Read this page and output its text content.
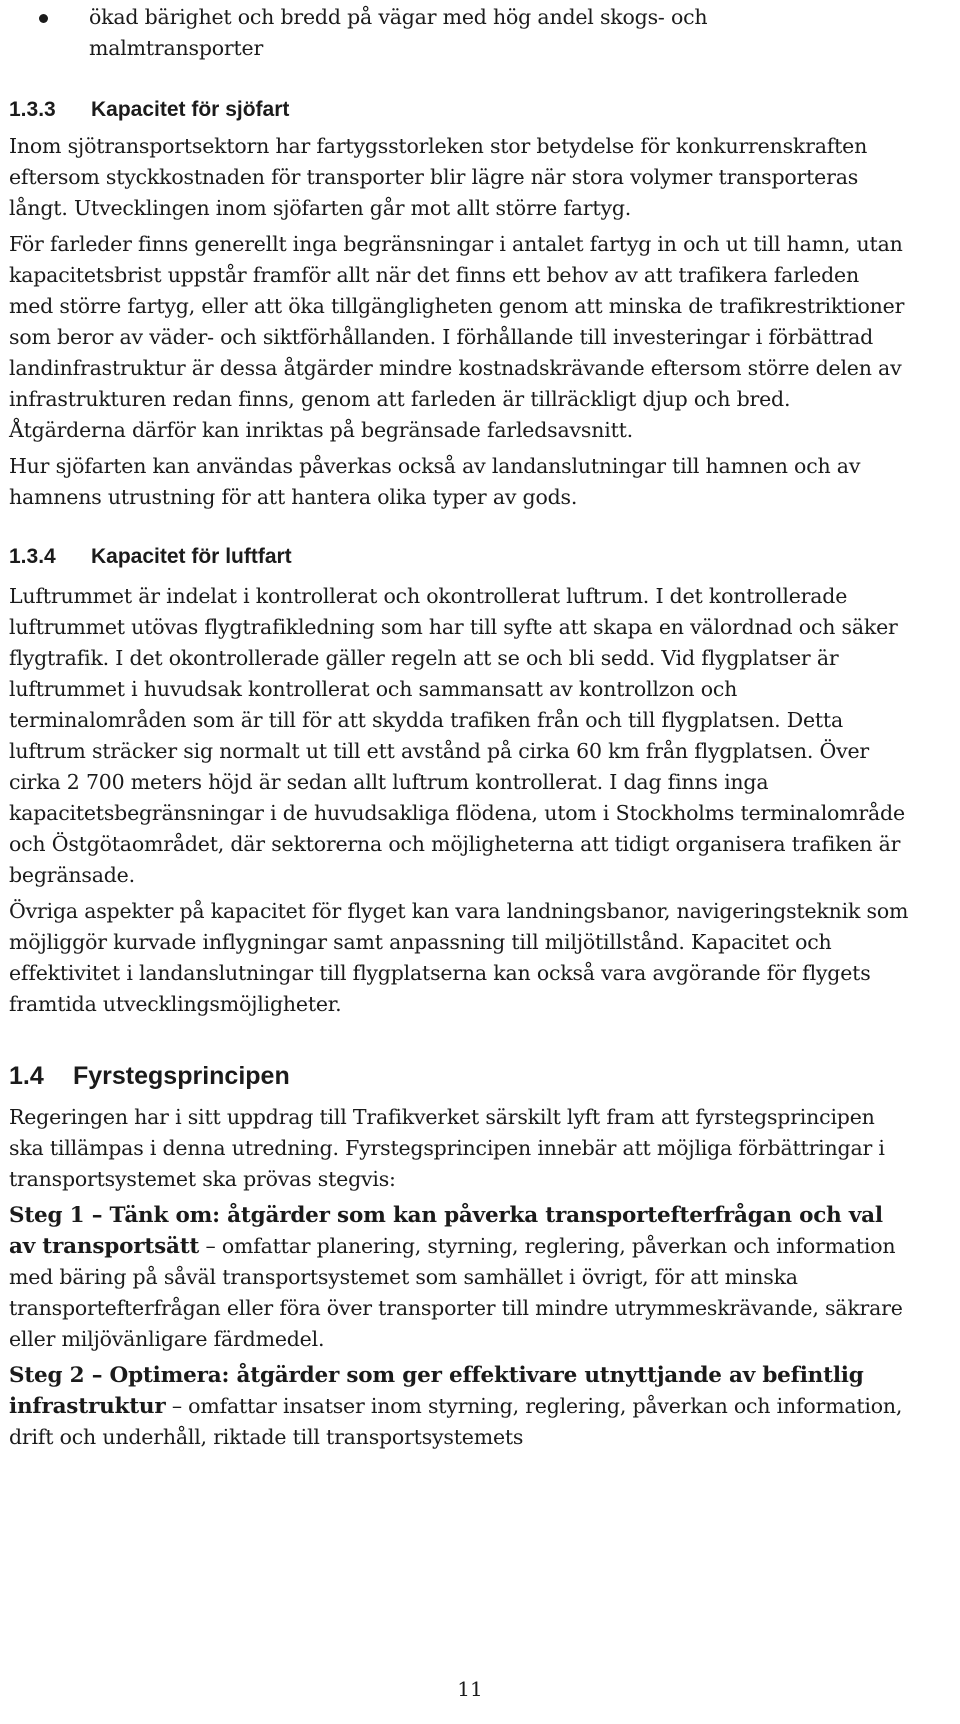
ökad bärighet och bredd på vägar med hög andel skogs- och
malmtransporter
1.3.3 Kapacitet för sjöfart

Inom sjötransportsektorn har fartygsstorleken stor betydelse för konkurrenskraften eftersom styckkostnaden för transporter blir lägre när stora volymer transporteras långt. Utvecklingen inom sjöfarten går mot allt större fartyg.

För farleder finns generellt inga begränsningar i antalet fartyg in och ut till hamn, utan kapacitetsbrist uppstår framför allt när det finns ett behov av att trafikera farleden med större fartyg, eller att öka tillgängligheten genom att minska de trafikrestriktioner som beror av väder- och siktförhållanden. I förhållande till investeringar i förbättrad landinfrastruktur är dessa åtgärder mindre kostnadskrävande eftersom större delen av infrastrukturen redan finns, genom att farleden är tillräckligt djup och bred. Åtgärderna därför kan inriktas på begränsade farledsavsnitt.

Hur sjöfarten kan användas påverkas också av landanslutningar till hamnen och av hamnens utrustning för att hantera olika typer av gods.

1.3.4 Kapacitet för luftfart

Luftrummet är indelat i kontrollerat och okontrollerat luftrum. I det kontrollerade luftrummet utövas flygtrafikledning som har till syfte att skapa en välordnad och säker flygtrafik. I det okontrollerade gäller regeln att se och bli sedd. Vid flygplatser är luftrummet i huvudsak kontrollerat och sammansatt av kontrollzon och terminalområden som är till för att skydda trafiken från och till flygplatsen. Detta luftrum sträcker sig normalt ut till ett avstånd på cirka 60 km från flygplatsen. Över cirka 2 700 meters höjd är sedan allt luftrum kontrollerat. I dag finns inga kapacitetsbegränsningar i de huvudsakliga flödena, utom i Stockholms terminalområde och Östgötaområdet, där sektorerna och möjligheterna att tidigt organisera trafiken är begränsade.

Övriga aspekter på kapacitet för flyget kan vara landningsbanor, navigeringsteknik som möjliggör kurvade inflygningar samt anpassning till miljötillstånd. Kapacitet och effektivitet i landanslutningar till flygplatserna kan också vara avgörande för flygets framtida utvecklingsmöjligheter.

1.4 Fyrstegsprincipen

Regeringen har i sitt uppdrag till Trafikverket särskilt lyft fram att fyrstegsprincipen ska tillämpas i denna utredning. Fyrstegsprincipen innebär att möjliga förbättringar i transportsystemet ska prövas stegvis:

Steg 1 – Tänk om: åtgärder som kan påverka transportefterfrågan och val av transportsätt – omfattar planering, styrning, reglering, påverkan och information med bäring på såväl transportsystemet som samhället i övrigt, för att minska transportefterfrågan eller föra över transporter till mindre utrymmeskrävande, säkrare eller miljövänligare färdmedel.

Steg 2 – Optimera: åtgärder som ger effektivare utnyttjande av befintlig infrastruktur – omfattar insatser inom styrning, reglering, påverkan och information, drift och underhåll, riktade till transportsystemets

11
